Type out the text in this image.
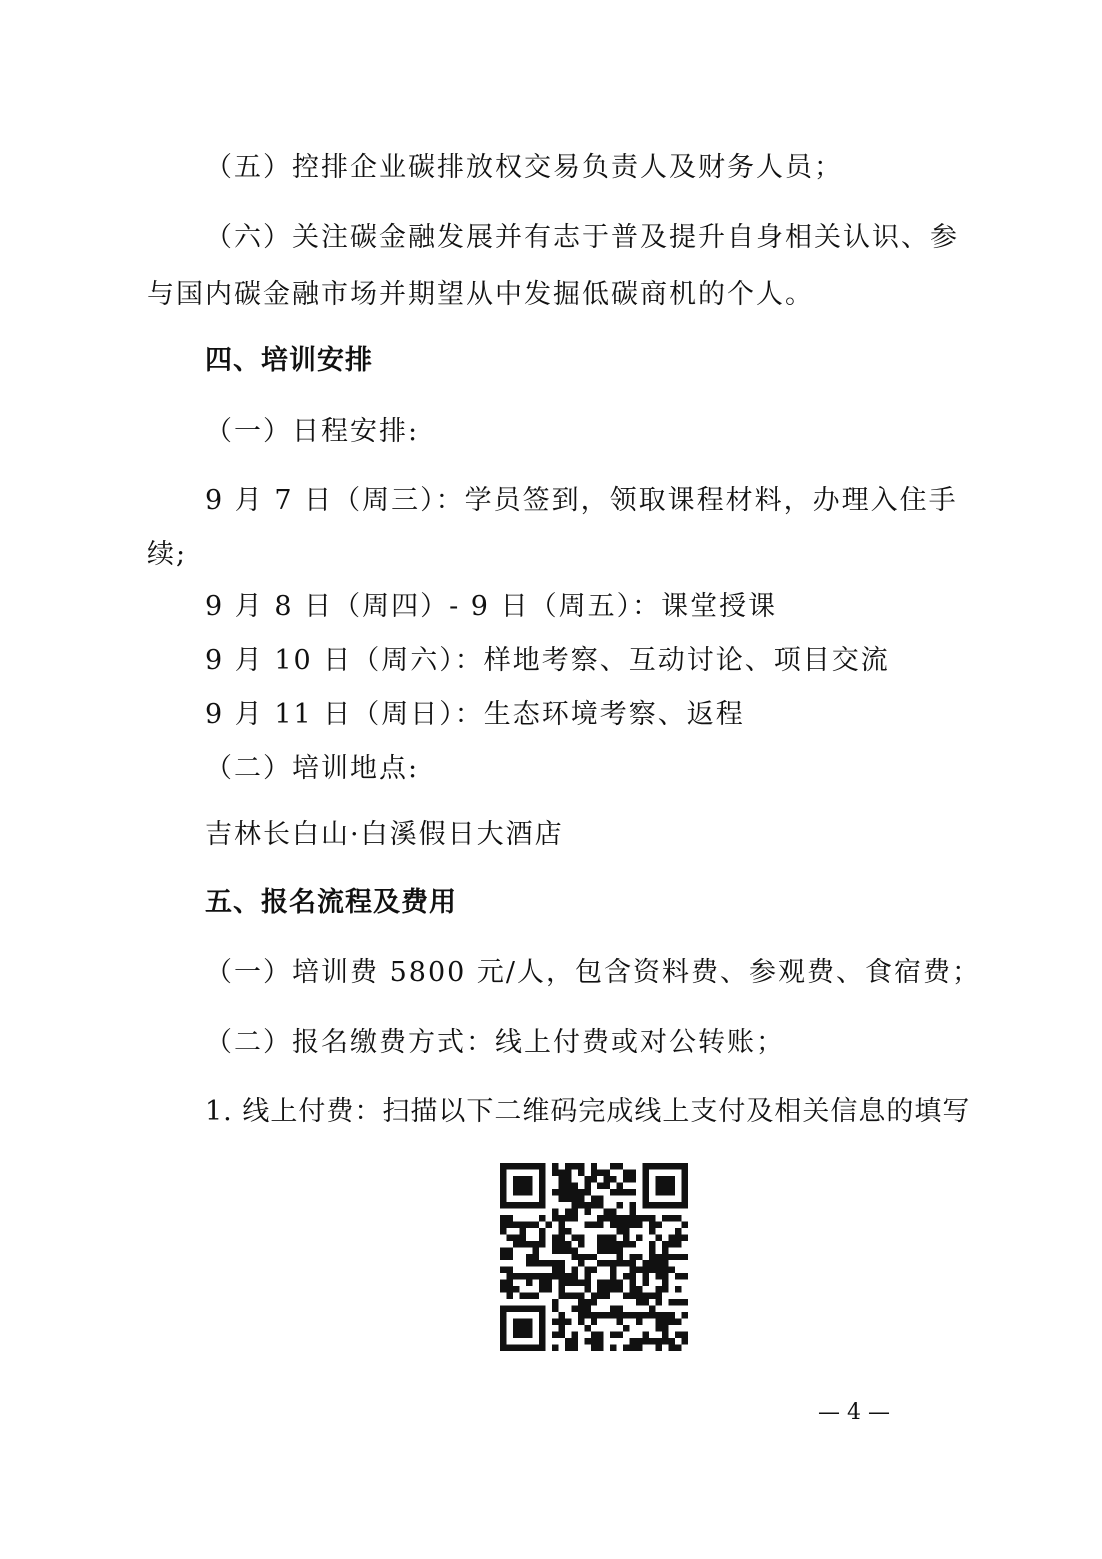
（五）控排企业碳排放权交易负责人及财务人员；
（六）关注碳金融发展并有志于普及提升自身相关认识、参
与国内碳金融市场并期望从中发掘低碳商机的个人。
四、培训安排
（一）日程安排:
9 月 7 日（周三）：学员签到，领取课程材料，办理入住手
续;
9 月 8 日（周四）- 9 日（周五）：课堂授课
9 月 10 日（周六）：样地考察、互动讨论、项目交流
9 月 11 日（周日）：生态环境考察、返程
（二）培训地点:
吉林长白山·白溪假日大酒店
五、报名流程及费用
（一）培训费 5800 元/人，包含资料费、参观费、食宿费；
（二）报名缴费方式：线上付费或对公转账；
1. 线上付费：扫描以下二维码完成线上支付及相关信息的填写
— 4 —
